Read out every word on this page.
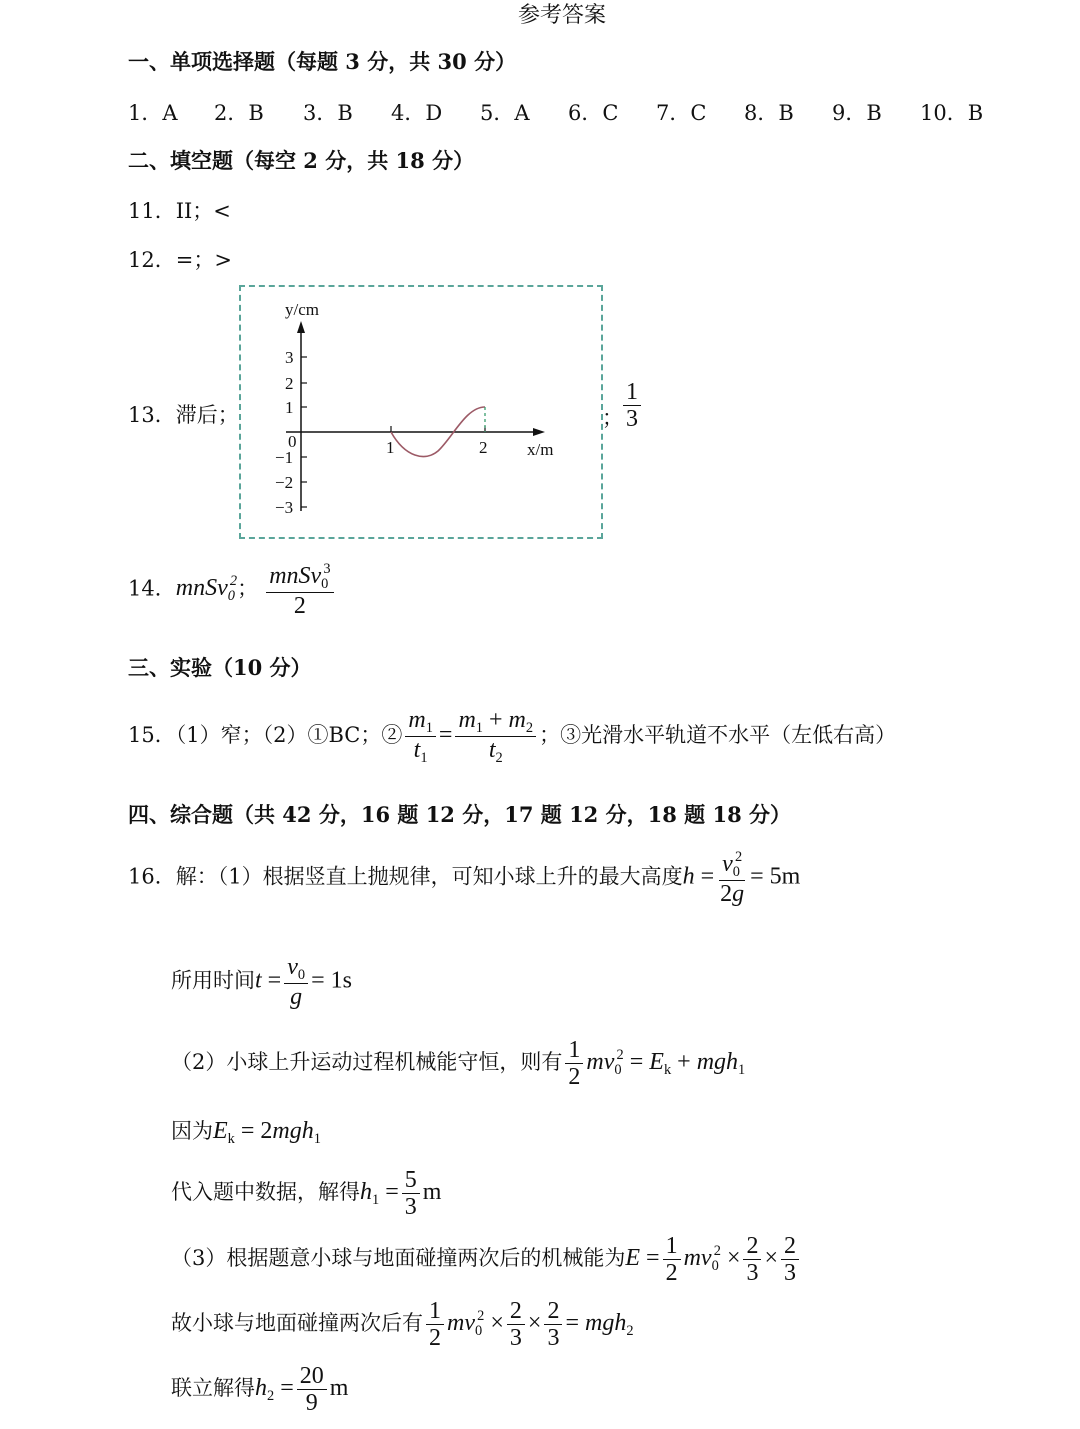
参考答案
一、单项选择题（每题 3 分，共 30 分）
1．A 2．B 3．B 4．D 5．A 6．C 7．C 8．B 9．B 10．B
二、填空题（每空 2 分，共 18 分）
11．II；<
12．=；>
13．滞后；
y/cm
x/m
0
3
2
1
−1
−2
−3
1	2
； $\frac{1}{3}$
14．mnSv$_0^2$； $\frac{mnSv_0^3}{2}$
三、实验（10 分）
15．（1）窄；（2）①BC；② $\frac{m_1}{t_1} = \frac{m_1 + m_2}{t_2}$ ；③光滑水平轨道不水平（左低右高）
四、综合题（共 42 分，16 题 12 分，17 题 12 分，18 题 18 分）
16．解：（1）根据竖直上抛规律，可知小球上升的最大高度$h = \frac{v_0^2}{2g} = 5m$
所用时间$t = \frac{v_0}{g} = 1s$
（2）小球上升运动过程机械能守恒，则有 $\frac{1}{2} mv_0^2 = E_k + mgh_1$
因为$E_k = 2mgh_1$
代入题中数据，解得$h_1 = \frac{5}{3}$ m
（3）根据题意小球与地面碰撞两次后的机械能为$E = \frac{1}{2} mv_0^2 \times \frac{2}{3} \times \frac{2}{3}$
故小球与地面碰撞两次后有 $\frac{1}{2} mv_0^2 \times \frac{2}{3} \times \frac{2}{3} = mgh_2$
联立解得$h_2 = \frac{20}{9}$ m
